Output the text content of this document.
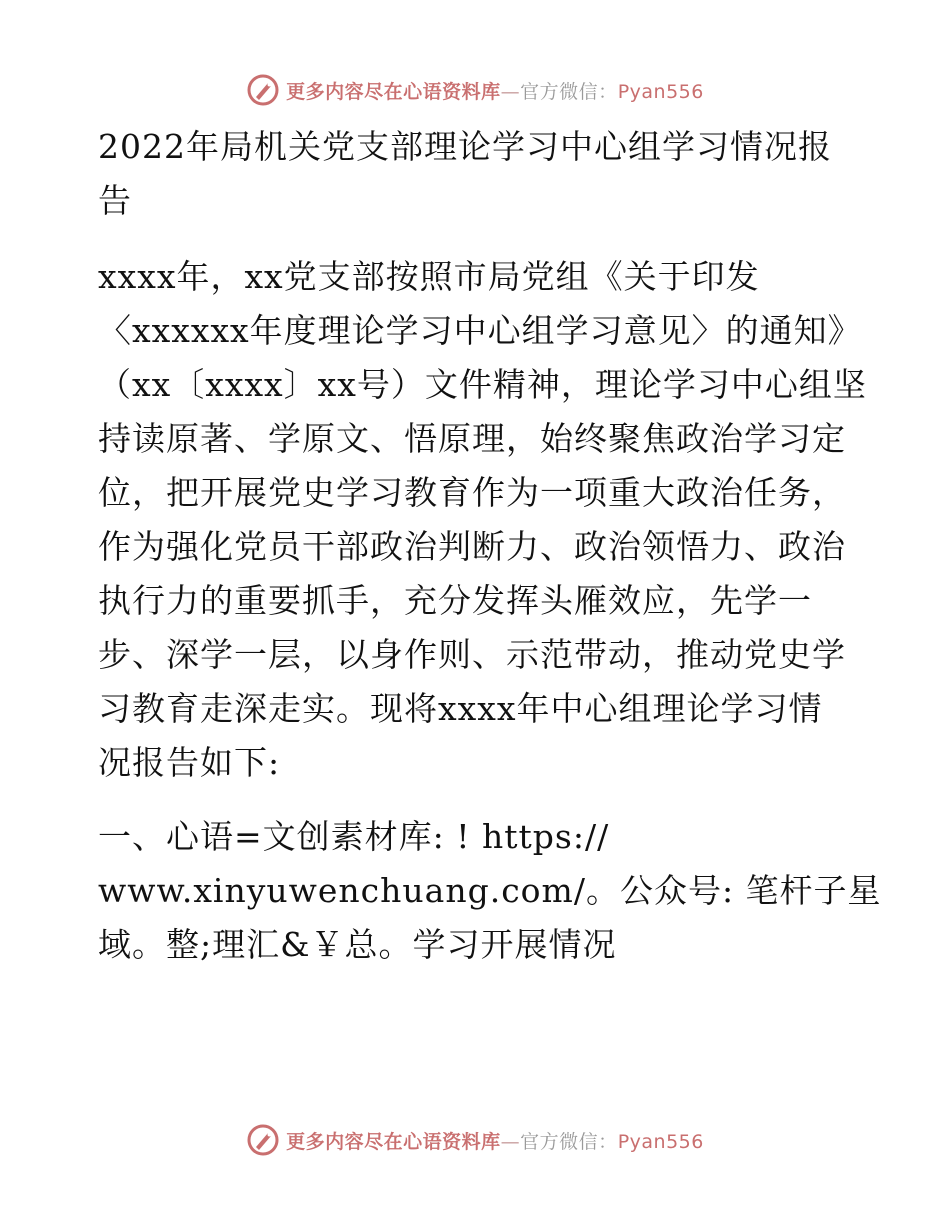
更多内容尽在心语资料库—官方微信：Pyan556
2022年局机关党支部理论学习中心组学习情况报
告
xxxx年，xx党支部按照市局党组《关于印发
〈xxxxxx年度理论学习中心组学习意见〉的通知》
（xx〔xxxx〕xx号）文件精神，理论学习中心组坚
持读原著、学原文、悟原理，始终聚焦政治学习定
位，把开展党史学习教育作为一项重大政治任务，
作为强化党员干部政治判断力、政治领悟力、政治
执行力的重要抓手，充分发挥头雁效应，先学一
步、深学一层，以身作则、示范带动，推动党史学
习教育走深走实。现将xxxx年中心组理论学习情
况报告如下:
一、心语=文创素材库: ! https://
www.xinyuwenchuang.com/。公众号: 笔杆子星
域。整;理汇&￥总。学习开展情况
更多内容尽在心语资料库—官方微信：Pyan556
